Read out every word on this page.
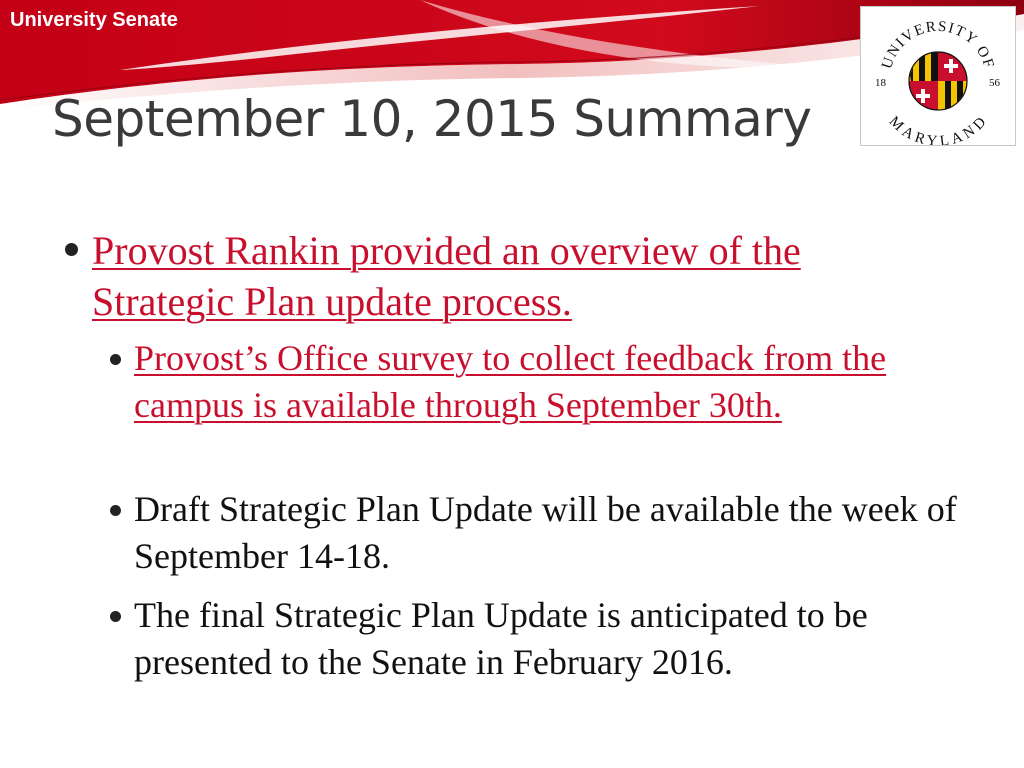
University Senate
September 10, 2015 Summary
UNIVERSITY OF
MARYLAND
18	56
Provost Rankin provided an overview of the Strategic Plan update process.
Provost’s Office survey to collect feedback from the campus is available through September 30th.
Draft Strategic Plan Update will be available the week of September 14-18.
The final Strategic Plan Update is anticipated to be presented to the Senate in February 2016.
